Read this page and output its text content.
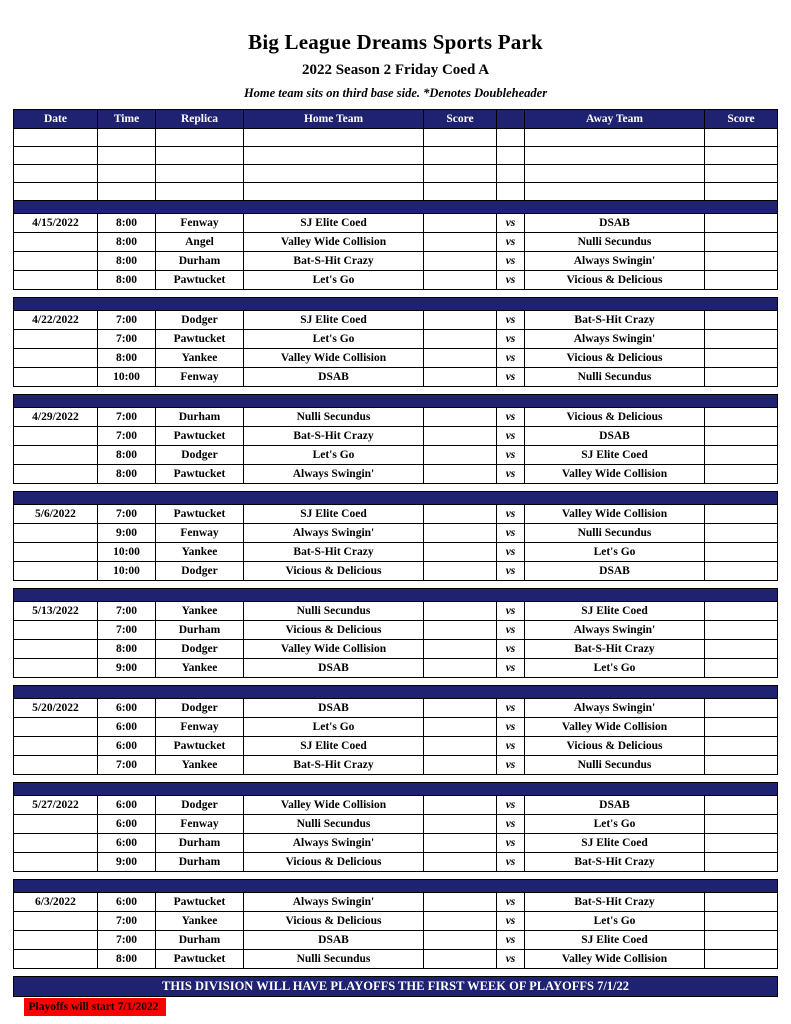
Big League Dreams Sports Park
2022 Season 2 Friday Coed A
Home team sits on third base side. *Denotes Doubleheader
Date	Time	Replica	Home Team	Score		Away Team	Score

4/15/2022	8:00	Fenway	SJ Elite Coed		vs	DSAB	
	8:00	Angel	Valley Wide Collision		vs	Nulli Secundus	
	8:00	Durham	Bat-S-Hit Crazy		vs	Always Swingin'	
	8:00	Pawtucket	Let's Go		vs	Vicious & Delicious	

4/22/2022	7:00	Dodger	SJ Elite Coed		vs	Bat-S-Hit Crazy	
	7:00	Pawtucket	Let's Go		vs	Always Swingin'	
	8:00	Yankee	Valley Wide Collision		vs	Vicious & Delicious	
	10:00	Fenway	DSAB		vs	Nulli Secundus	

4/29/2022	7:00	Durham	Nulli Secundus		vs	Vicious & Delicious	
	7:00	Pawtucket	Bat-S-Hit Crazy		vs	DSAB	
	8:00	Dodger	Let's Go		vs	SJ Elite Coed	
	8:00	Pawtucket	Always Swingin'		vs	Valley Wide Collision	

5/6/2022	7:00	Pawtucket	SJ Elite Coed		vs	Valley Wide Collision	
	9:00	Fenway	Always Swingin'		vs	Nulli Secundus	
	10:00	Yankee	Bat-S-Hit Crazy		vs	Let's Go	
	10:00	Dodger	Vicious & Delicious		vs	DSAB	

5/13/2022	7:00	Yankee	Nulli Secundus		vs	SJ Elite Coed	
	7:00	Durham	Vicious & Delicious		vs	Always Swingin'	
	8:00	Dodger	Valley Wide Collision		vs	Bat-S-Hit Crazy	
	9:00	Yankee	DSAB		vs	Let's Go	

5/20/2022	6:00	Dodger	DSAB		vs	Always Swingin'	
	6:00	Fenway	Let's Go		vs	Valley Wide Collision	
	6:00	Pawtucket	SJ Elite Coed		vs	Vicious & Delicious	
	7:00	Yankee	Bat-S-Hit Crazy		vs	Nulli Secundus	

5/27/2022	6:00	Dodger	Valley Wide Collision		vs	DSAB	
	6:00	Fenway	Nulli Secundus		vs	Let's Go	
	6:00	Durham	Always Swingin'		vs	SJ Elite Coed	
	9:00	Durham	Vicious & Delicious		vs	Bat-S-Hit Crazy	

6/3/2022	6:00	Pawtucket	Always Swingin'		vs	Bat-S-Hit Crazy	
	7:00	Yankee	Vicious & Delicious		vs	Let's Go	
	7:00	Durham	DSAB		vs	SJ Elite Coed	
	8:00	Pawtucket	Nulli Secundus		vs	Valley Wide Collision	

THIS DIVISION WILL HAVE PLAYOFFS THE FIRST WEEK OF PLAYOFFS 7/1/22							
Playoffs will start 7/1/2022
